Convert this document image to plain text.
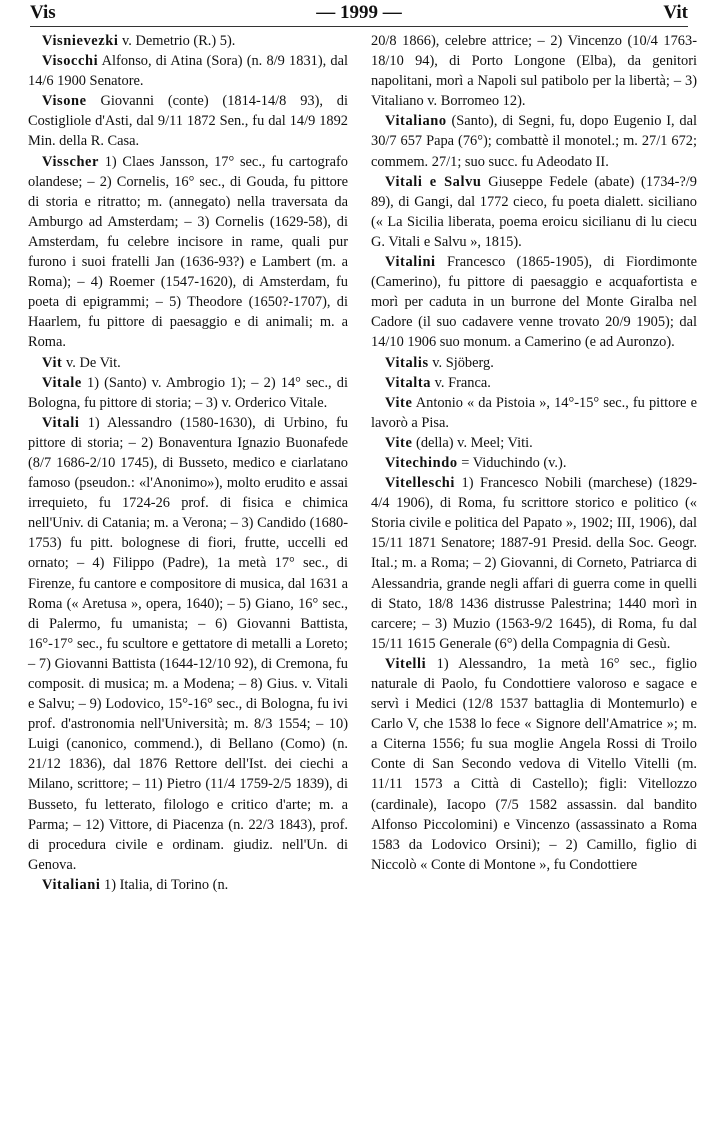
Vis	— 1999 —	Vit

Visnievezki v. Demetrio (R.) 5).

Visocchi Alfonso, di Atina (Sora) (n. 8/9 1831), dal 14/6 1900 Senatore.

Visone Giovanni (conte) (1814-14/8 93), di Costigliole d'Asti, dal 9/11 1872 Sen., fu dal 14/9 1892 Min. della R. Casa.

Visscher 1) Claes Jansson, 17° sec., fu cartografo olandese; – 2) Cornelis, 16° sec., di Gouda, fu pittore di storia e ritratto; m. (annegato) nella traversata da Amburgo ad Amsterdam; – 3) Cornelis (1629-58), di Amsterdam, fu celebre incisore in rame, quali pur furono i suoi fratelli Jan (1636-93?) e Lambert (m. a Roma); – 4) Roemer (1547-1620), di Amsterdam, fu poeta di epigrammi; – 5) Theodore (1650?-1707), di Haarlem, fu pittore di paesaggio e di animali; m. a Roma.

Vit v. De Vit.

Vitale 1) (Santo) v. Ambrogio 1); – 2) 14° sec., di Bologna, fu pittore di storia; – 3) v. Orderico Vitale.

Vitali 1) Alessandro (1580-1630), di Urbino, fu pittore di storia; – 2) Bonaventura Ignazio Buonafede (8/7 1686-2/10 1745), di Busseto, medico e ciarlatano famoso (pseudon.: «l'Anonimo»), molto erudito e assai irrequieto, fu 1724-26 prof. di fisica e chimica nell'Univ. di Catania; m. a Verona; – 3) Candido (1680-1753) fu pitt. bolognese di fiori, frutte, uccelli ed ornato; – 4) Filippo (Padre), 1a metà 17° sec., di Firenze, fu cantore e compositore di musica, dal 1631 a Roma (« Aretusa », opera, 1640); – 5) Giano, 16° sec., di Palermo, fu umanista; – 6) Giovanni Battista, 16°-17° sec., fu scultore e gettatore di metalli a Loreto; – 7) Giovanni Battista (1644-12/10 92), di Cremona, fu composit. di musica; m. a Modena; – 8) Gius. v. Vitali e Salvu; – 9) Lodovico, 15°-16° sec., di Bologna, fu ivi prof. d'astronomia nell'Università; m. 8/3 1554; – 10) Luigi (canonico, commend.), di Bellano (Como) (n. 21/12 1836), dal 1876 Rettore dell'Ist. dei ciechi a Milano, scrittore; – 11) Pietro (11/4 1759-2/5 1839), di Busseto, fu letterato, filologo e critico d'arte; m. a Parma; – 12) Vittore, di Piacenza (n. 22/3 1843), prof. di procedura civile e ordinam. giudiz. nell'Un. di Genova.

Vitaliani 1) Italia, di Torino (n.

20/8 1866), celebre attrice; – 2) Vincenzo (10/4 1763-18/10 94), di Porto Longone (Elba), da genitori napolitani, morì a Napoli sul patibolo per la libertà; – 3) Vitaliano v. Borromeo 12).

Vitaliano (Santo), di Segni, fu, dopo Eugenio I, dal 30/7 657 Papa (76°); combattè il monotel.; m. 27/1 672; commem. 27/1; suo succ. fu Adeodato II.

Vitali e Salvu Giuseppe Fedele (abate) (1734-?/9 89), di Gangi, dal 1772 cieco, fu poeta dialett. siciliano (« La Sicilia liberata, poema eroicu sicilianu di lu ciecu G. Vitali e Salvu », 1815).

Vitalini Francesco (1865-1905), di Fiordimonte (Camerino), fu pittore di paesaggio e acquafortista e morì per caduta in un burrone del Monte Giralba nel Cadore (il suo cadavere venne trovato 20/9 1905); dal 14/10 1906 suo monum. a Camerino (e ad Auronzo).

Vitalis v. Sjöberg.

Vitalta v. Franca.

Vite Antonio « da Pistoia », 14°-15° sec., fu pittore e lavorò a Pisa.

Vite (della) v. Meel; Viti.

Vitechindo = Viduchindo (v.).

Vitelleschi 1) Francesco Nobili (marchese) (1829-4/4 1906), di Roma, fu scrittore storico e politico (« Storia civile e politica del Papato », 1902; III, 1906), dal 15/11 1871 Senatore; 1887-91 Presid. della Soc. Geogr. Ital.; m. a Roma; – 2) Giovanni, di Corneto, Patriarca di Alessandria, grande negli affari di guerra come in quelli di Stato, 18/8 1436 distrusse Palestrina; 1440 morì in carcere; – 3) Muzio (1563-9/2 1645), di Roma, fu dal 15/11 1615 Generale (6°) della Compagnia di Gesù.

Vitelli 1) Alessandro, 1a metà 16° sec., figlio naturale di Paolo, fu Condottiere valoroso e sagace e servì i Medici (12/8 1537 battaglia di Montemurlo) e Carlo V, che 1538 lo fece « Signore dell'Amatrice »; m. a Citerna 1556; fu sua moglie Angela Rossi di Troilo Conte di San Secondo vedova di Vitello Vitelli (m. 11/11 1573 a Città di Castello); figli: Vitellozzo (cardinale), Iacopo (7/5 1582 assassin. dal bandito Alfonso Piccolomini) e Vincenzo (assassinato a Roma 1583 da Lodovico Orsini); – 2) Camillo, figlio di Niccolò « Conte di Montone », fu Condottiere
